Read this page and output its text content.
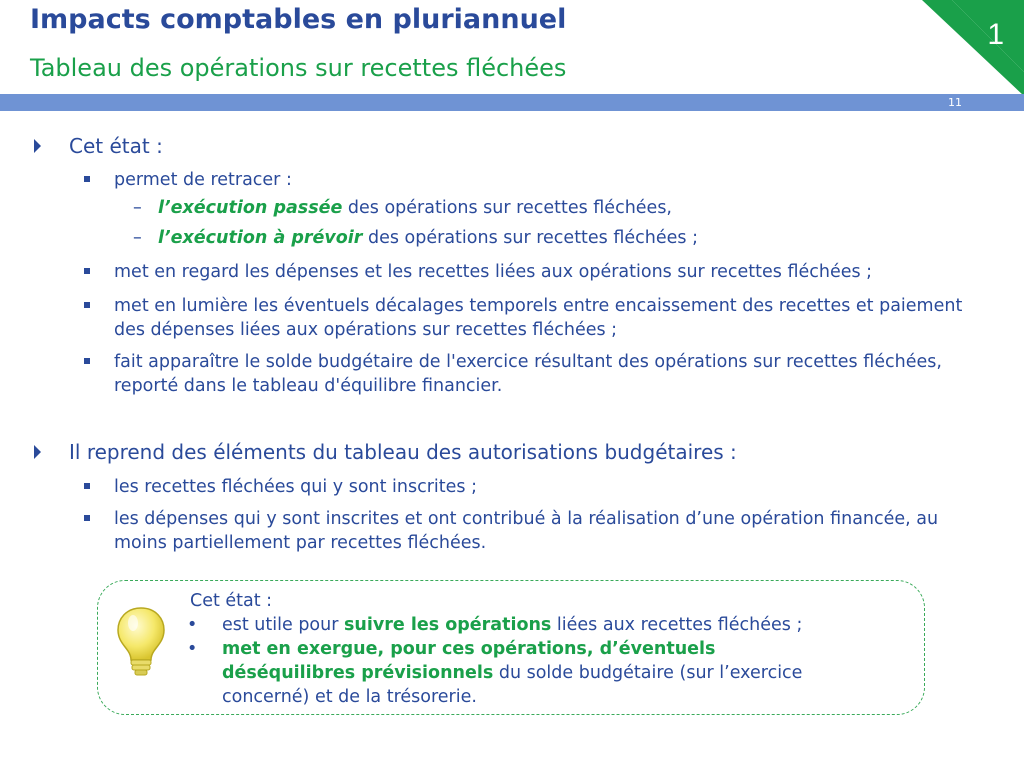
Impacts comptables en pluriannuel
Tableau des opérations sur recettes fléchées
1
11
Cet état :
permet de retracer :
– l’exécution passée des opérations sur recettes fléchées,
– l’exécution à prévoir des opérations sur recettes fléchées ;
met en regard les dépenses et les recettes liées aux opérations sur recettes fléchées ;
met en lumière les éventuels décalages temporels entre encaissement des recettes et paiement des dépenses liées aux opérations sur recettes fléchées ;
fait apparaître le solde budgétaire de l'exercice résultant des opérations sur recettes fléchées, reporté dans le tableau d'équilibre financier.
Il reprend des éléments du tableau des autorisations budgétaires :
les recettes fléchées qui y sont inscrites ;
les dépenses qui y sont inscrites et ont contribué à la réalisation d’une opération financée, au moins partiellement par recettes fléchées.
Cet état :
• est utile pour suivre les opérations liées aux recettes fléchées ;
• met en exergue, pour ces opérations, d’éventuels
déséquilibres prévisionnels du solde budgétaire (sur l’exercice
concerné) et de la trésorerie.
